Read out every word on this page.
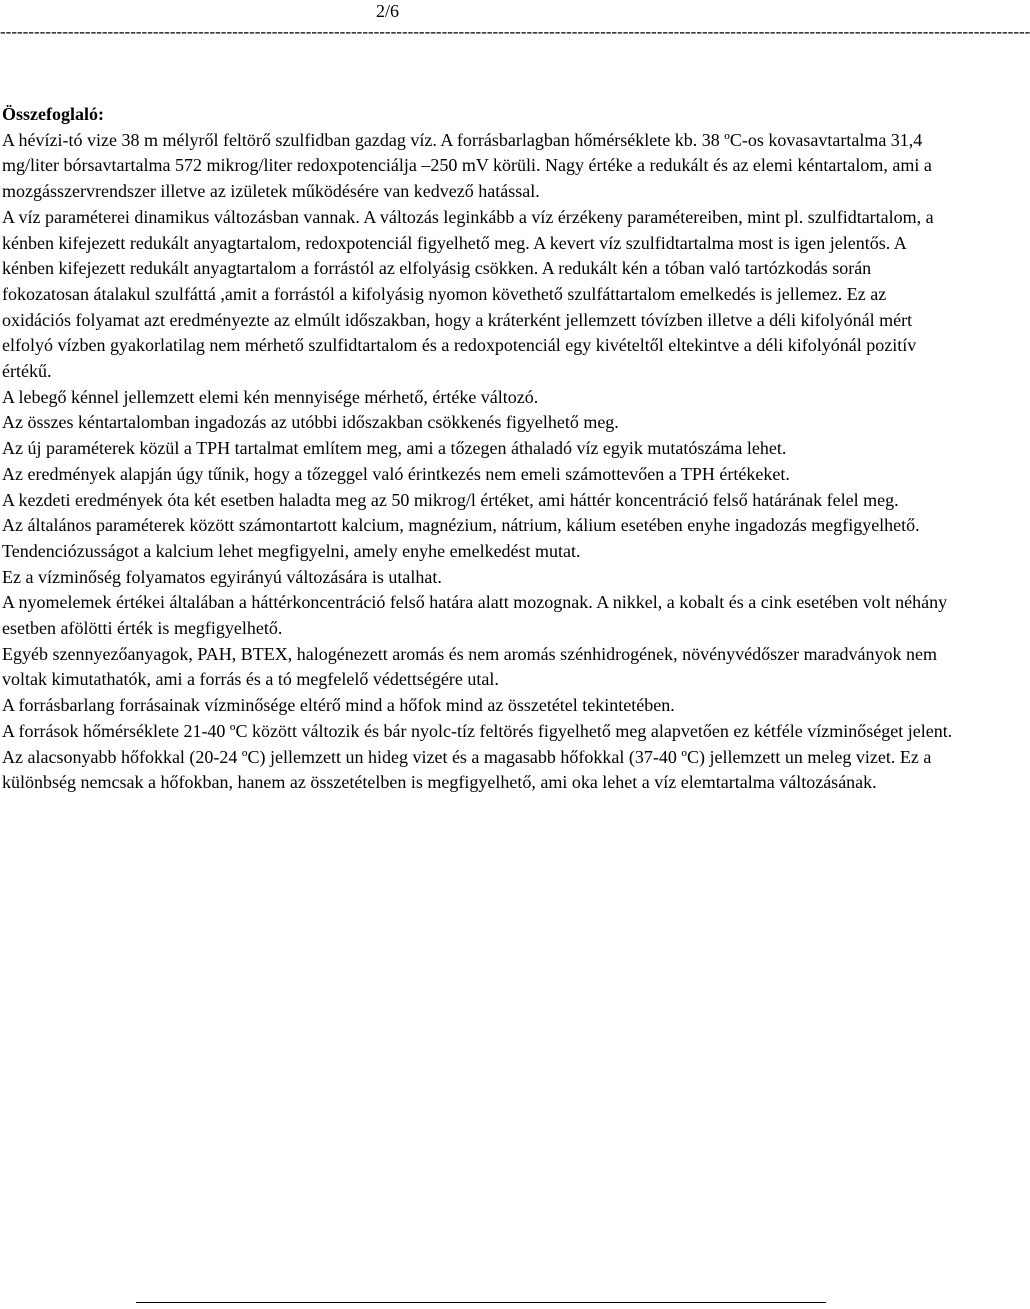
2/6
--------------------------------------------------------------------------------------------------------------------------------------------------------------------------------------
Összefoglaló:

A hévízi-tó vize 38 m mélyről feltörő szulfidban gazdag víz. A forrásbarlagban hőmérséklete kb. 38 ºC-os kovasavtartalma 31,4 mg/liter bórsavtartalma 572 mikrog/liter redoxpotenciálja –250 mV körüli. Nagy értéke a redukált és az elemi kéntartalom, ami a mozgásszervrendszer illetve az izületek működésére van kedvező hatással.

A víz paraméterei dinamikus változásban vannak. A változás leginkább a víz érzékeny paramétereiben, mint pl. szulfidtartalom, a kénben kifejezett redukált anyagtartalom, redoxpotenciál figyelhető meg. A kevert víz szulfidtartalma most is igen jelentős. A kénben kifejezett redukált anyagtartalom a forrástól az elfolyásig csökken. A redukált kén a tóban való tartózkodás során fokozatosan átalakul szulfáttá ,amit a forrástól a kifolyásig nyomon követhető szulfáttartalom emelkedés is jellemez. Ez az oxidációs folyamat azt eredményezte az elmúlt időszakban, hogy a kráterként jellemzett tóvízben illetve a déli kifolyónál mért elfolyó vízben gyakorlatilag nem mérhető szulfidtartalom és a redoxpotenciál egy kivételtől eltekintve a déli kifolyónál pozitív értékű.

A lebegő kénnel jellemzett elemi kén mennyisége mérhető, értéke változó.

Az összes kéntartalomban ingadozás az utóbbi időszakban csökkenés figyelhető meg.

Az új paraméterek közül a TPH tartalmat említem meg, ami a tőzegen áthaladó víz egyik mutatószáma lehet.

Az eredmények alapján úgy tűnik, hogy a tőzeggel való érintkezés nem emeli számottevően a TPH értékeket.

A kezdeti eredmények óta két esetben haladta meg az 50 mikrog/l értéket, ami háttér koncentráció felső határának felel meg.

Az általános paraméterek között számontartott kalcium, magnézium, nátrium, kálium esetében enyhe ingadozás megfigyelhető. Tendenciózusságot a kalcium lehet megfigyelni, amely enyhe emelkedést mutat.

Ez a vízminőség folyamatos egyirányú változására is utalhat.

A nyomelemek értékei általában a háttérkoncentráció felső határa alatt mozognak. A nikkel, a kobalt és a cink esetében volt néhány esetben afölötti érték is megfigyelhető.

Egyéb szennyezőanyagok, PAH, BTEX, halogénezett aromás és nem aromás szénhidrogének, növényvédőszer maradványok nem voltak kimutathatók, ami a forrás és a tó megfelelő védettségére utal.

A forrásbarlang forrásainak vízminősége eltérő mind a hőfok mind az összetétel tekintetében.

A források hőmérséklete 21-40 ºC között változik és bár nyolc-tíz feltörés figyelhető meg alapvetően ez kétféle vízminőséget jelent.

Az alacsonyabb hőfokkal (20-24 ºC) jellemzett un hideg vizet és a magasabb hőfokkal (37-40 ºC) jellemzett un meleg vizet. Ez a különbség nemcsak a hőfokban, hanem az összetételben is megfigyelhető, ami oka lehet a víz elemtartalma változásának.
